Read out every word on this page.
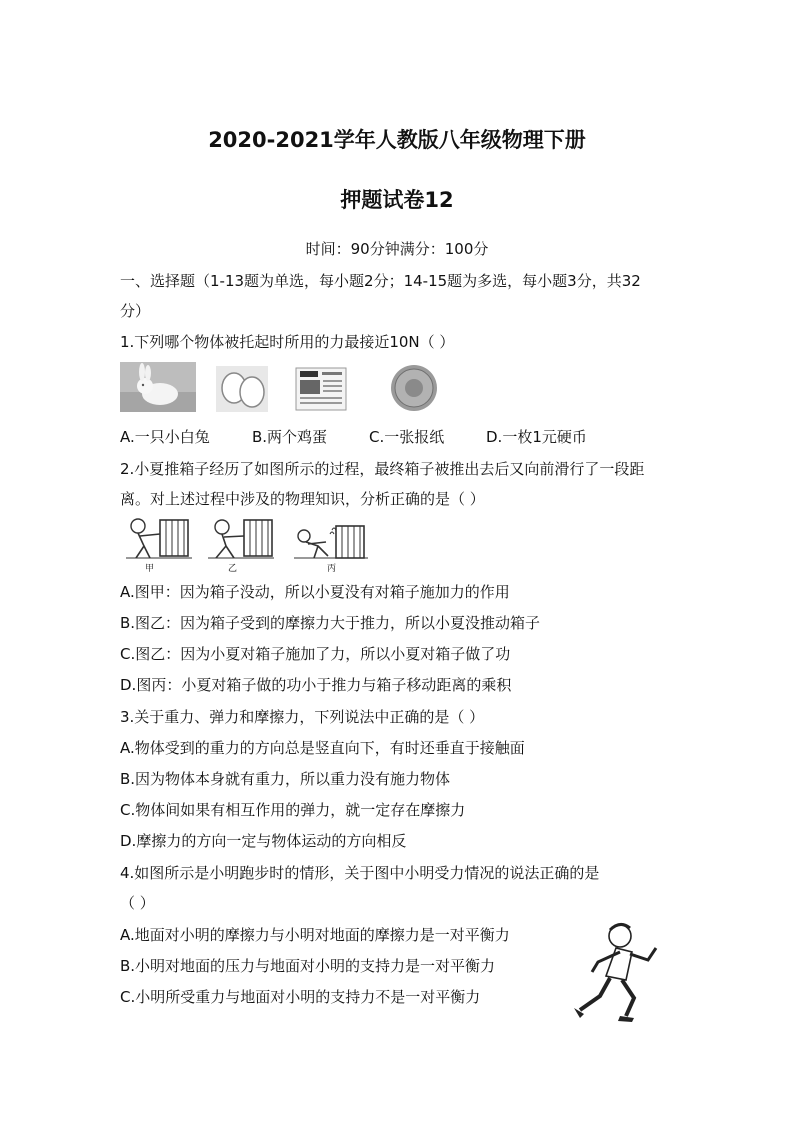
2020-2021学年人教版八年级物理下册
押题试卷12
时间：90分钟满分：100分
一、选择题（1-13题为单选，每小题2分；14-15题为多选，每小题3分，共32
分）
1.下列哪个物体被托起时所用的力最接近10N（ ）
A.一只小白兔	B.两个鸡蛋	C.一张报纸	D.一枚1元硬币
2.小夏推箱子经历了如图所示的过程，最终箱子被推出去后又向前滑行了一段距
离。对上述过程中涉及的物理知识，分析正确的是（ ）
甲	乙	丙
A.图甲：因为箱子没动，所以小夏没有对箱子施加力的作用
B.图乙：因为箱子受到的摩擦力大于推力，所以小夏没推动箱子
C.图乙：因为小夏对箱子施加了力，所以小夏对箱子做了功
D.图丙：小夏对箱子做的功小于推力与箱子移动距离的乘积
3.关于重力、弹力和摩擦力，下列说法中正确的是（ ）
A.物体受到的重力的方向总是竖直向下，有时还垂直于接触面
B.因为物体本身就有重力，所以重力没有施力物体
C.物体间如果有相互作用的弹力，就一定存在摩擦力
D.摩擦力的方向一定与物体运动的方向相反
4.如图所示是小明跑步时的情形，关于图中小明受力情况的说法正确的是
（ ）
A.地面对小明的摩擦力与小明对地面的摩擦力是一对平衡力
B.小明对地面的压力与地面对小明的支持力是一对平衡力
C.小明所受重力与地面对小明的支持力不是一对平衡力
